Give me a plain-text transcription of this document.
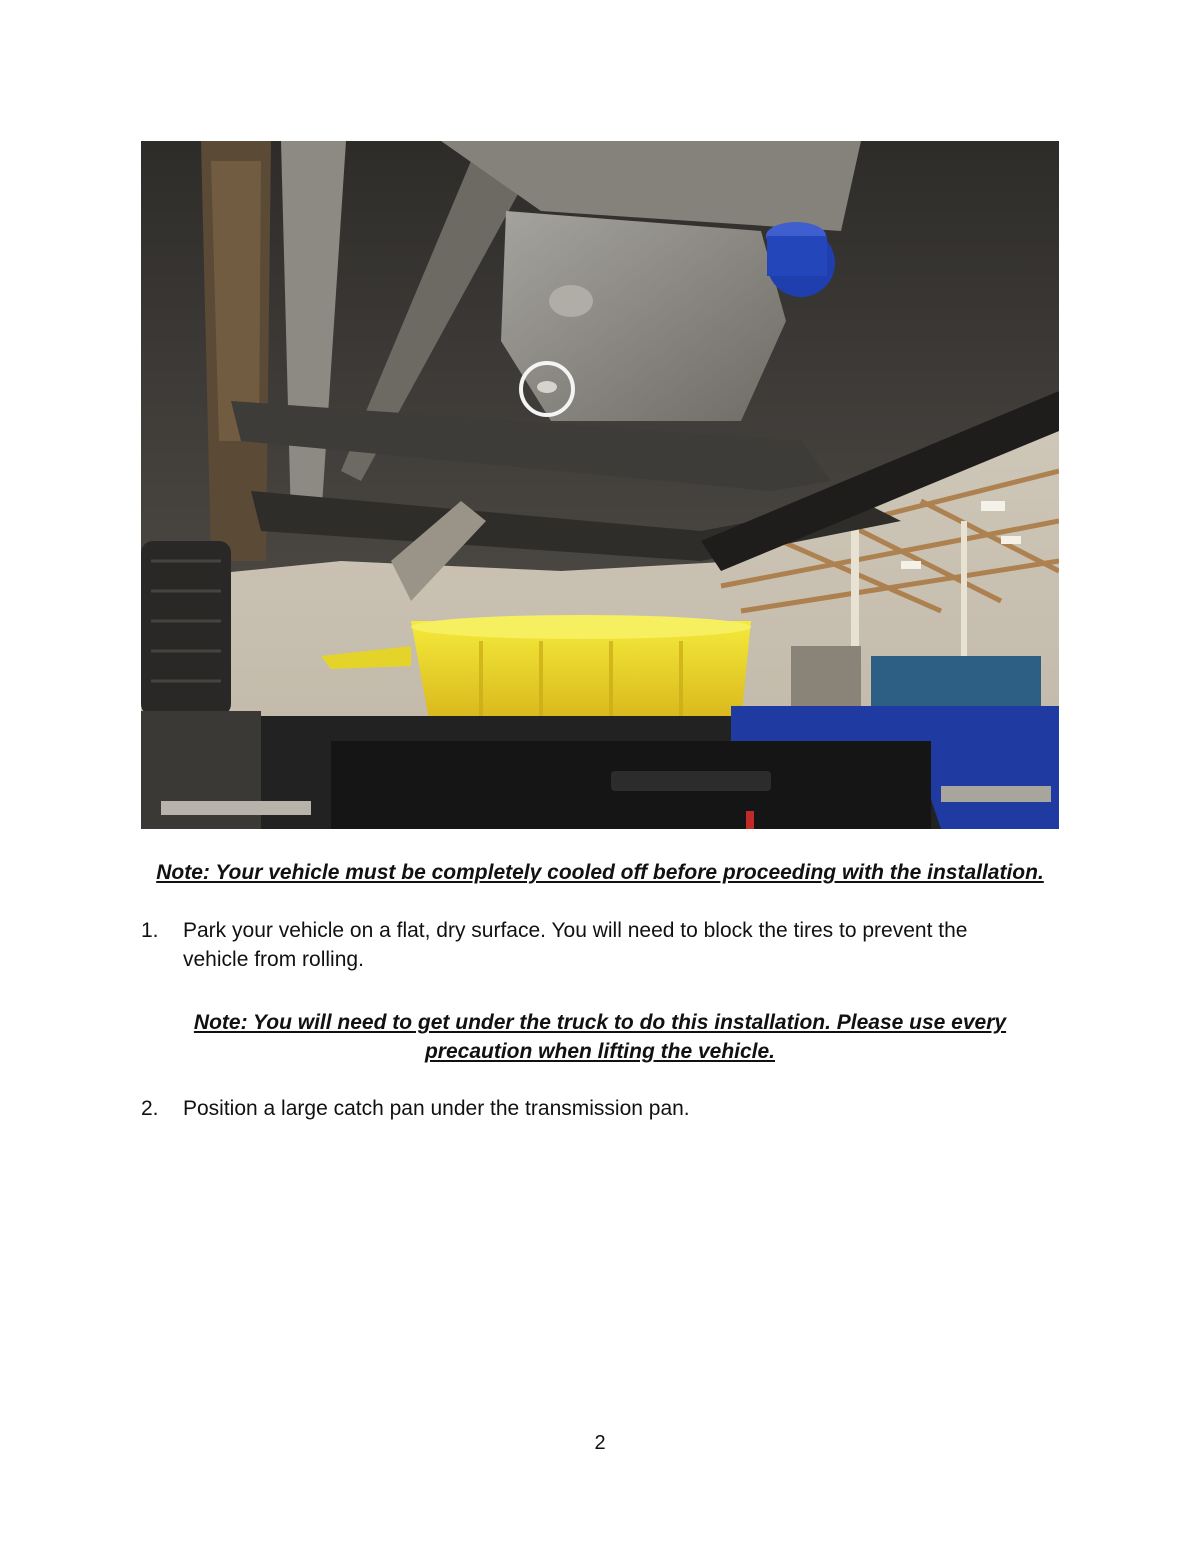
Note: Your vehicle must be completely cooled off before proceeding with the installation.
1.	Park your vehicle on a flat, dry surface. You will need to block the tires to prevent the vehicle from rolling.
Note: You will need to get under the truck to do this installation. Please use every precaution when lifting the vehicle.
2.	Position a large catch pan under the transmission pan.
2
